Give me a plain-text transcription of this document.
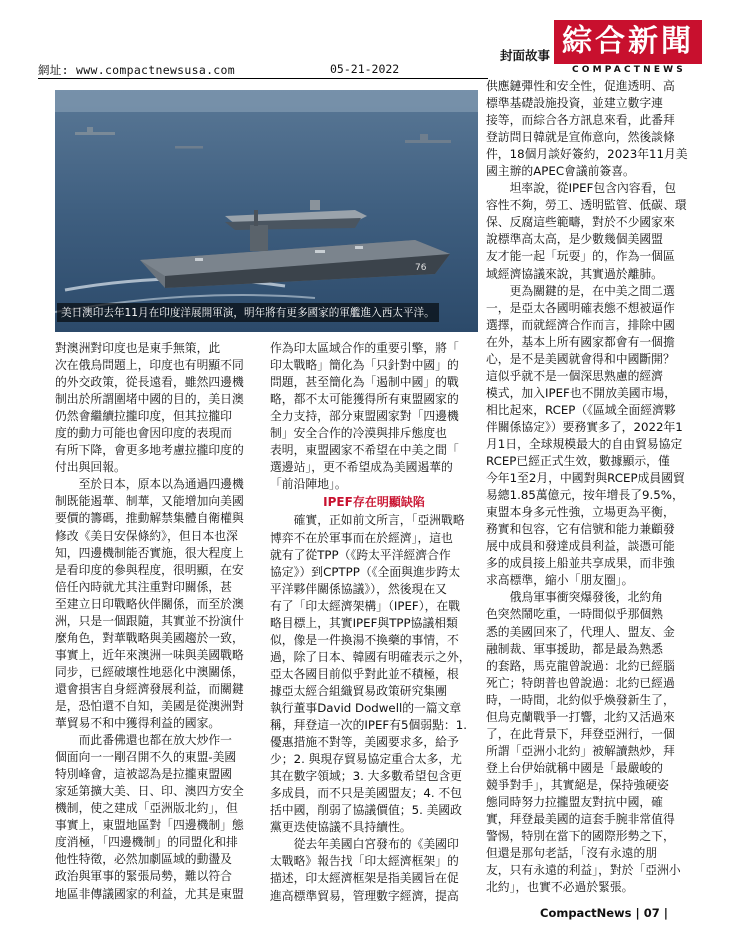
網址: www.compactnewsusa.com	05-21-2022
封面故事 綜合新聞
COMPACTNEWS
76
美日澳印去年11月在印度洋展開軍演，明年將有更多國家的軍艦進入西太平洋。

對澳洲對印度也是東手無策，此
次在俄烏問題上，印度也有明顯不同
的外交政策，從長遠看，雖然四邊機
制出於所謂圍堵中國的目的，美日澳
仍然會繼續拉攏印度，但其拉攏印
度的動力可能也會因印度的表現而
有所下降，會更多地考慮拉攏印度的
付出與回報。

至於日本，原本以為通過四邊機
制既能遏華、制華，又能增加向美國
要價的籌碼，推動解禁集體自衛權與
修改《美日安保條約》，但日本也深
知，四邊機制能否實施，很大程度上
是看印度的參與程度，很明顯，在安
倍任內時就尤其注重對印關係，甚
至建立日印戰略伙伴關係，而至於澳
洲，只是一個跟隨，其實並不扮演什
麼角色，對華戰略與美國趨於一致，
事實上，近年來澳洲一味與美國戰略
同步，已經破壞性地惡化中澳關係，
還會損害自身經濟發展利益，而關鍵
是，恐怕還不自知，美國是從澳洲對
華貿易不和中獲得利益的國家。

而此番佛還也都在放大炒作一
個面向一一剛召開不久的東盟-美國
特別峰會，這被認為是拉攏東盟國
家延第擴大美、日、印、澳四方安全
機制，使之建成「亞洲版北約」，但
事實上，東盟地區對「四邊機制」態
度消極，「四邊機制」的同盟化和排
他性特徵，必然加劇區域的動盪及
政治與軍事的緊張局勢，難以符合
地區非傳議國家的利益，尤其是東盟

作為印太區域合作的重要引擎，將「
印太戰略」簡化為「只針對中國」的
問題，甚至簡化為「遏制中國」的戰
略，都不太可能獲得所有東盟國家的
全力支持，部分東盟國家對「四邊機
制」安全合作的冷漠與排斥態度也
表明，東盟國家不希望在中美之間「
選邊站」，更不希望成為美國遏華的
「前沿陣地」。

IPEF存在明顯缺陷

確實，正如前文所言，「亞洲戰略
博弈不在於軍事而在於經濟」，這也
就有了從TPP（《跨太平洋經濟合作
協定》）到CPTPP（《全面與進步跨太
平洋夥伴關係協議》），然後現在又
有了「印太經濟架構」（IPEF），在戰
略目標上，其實IPEF與TPP協議相類
似，像是一件換湯不換藥的事情，不
過，除了日本、韓國有明確表示之外，
亞太各國目前似乎對此並不積極，根
據亞太經合組織貿易政策研究集團
執行董事David Dodwell的一篇文章
稱，拜登這一次的IPEF有5個弱點：1.
優惠措施不對等，美國要求多，給予
少；2. 與現存貿易協定重合太多，尤
其在數字領域；3. 大多數希望包含更
多成員，而不只是美國盟友；4. 不包
括中國，削弱了協議價值；5. 美國政
黨更迭使協議不具持續性。

從去年美國白宮發布的《美國印
太戰略》報告找「印太經濟框架」的
描述，印太經濟框架是指美國旨在促
進高標準貿易，管理數字經濟，提高

供應鏈彈性和安全性，促進透明、高
標準基礎設施投資，並建立數字連
接等，而綜合各方訊息來看，此番拜
登訪問日韓就是宣佈意向，然後談條
件，18個月談好簽約，2023年11月美
國主辦的APEC會議前簽喜。

坦率說，從IPEF包含內容看，包
容性不夠，勞工、透明監管、低碳、環
保、反腐這些範疇，對於不少國家來
說標準高太高，是少數幾個美國盟
友才能一起「玩耍」的，作為一個區
域經濟協議來說，其實過於離肺。

更為關鍵的是，在中美之間二選
一，是亞太各國明確表態不想被逼作
選擇，而就經濟合作而言，排除中國
在外，基本上所有國家都會有一個擔
心，是不是美國就會得和中國斷開？
這似乎就不是一個深思熟慮的經濟
模式，加入IPEF也不開放美國市場，
相比起來，RCEP（《區域全面經濟夥
伴關係協定》）要務實多了，2022年1
月1日，全球規模最大的自由貿易協定
RCEP已經正式生效，數據顯示，僅
今年1至2月，中國對與RCEP成員國貿
易總1.85萬億元，按年增長了9.5%，
東盟本身多元性強，立場更為平衡，
務實和包容，它有信號和能力兼顧發
展中成員和發達成員利益，談憑可能
多的成員接上船並共享成果，而非強
求高標準，縮小「朋友圈」。

俄烏軍事衝突爆發後，北約角
色突然鬧吃重，一時間似乎那個熟
悉的美國回來了，代理人、盟友、金
融制裁、軍事援助，都是最為熟悉
的套路，馬克龍曾說過：北約已經腦
死亡；特朗普也曾說過：北約已經過
時，一時間，北約似乎煥發新生了，
但烏克蘭戰爭一打響，北約又活過來
了，在此背景下，拜登亞洲行，一個
所謂「亞洲小北約」被解讀熱炒，拜
登上台伊始就稱中國是「最嚴峻的
競爭對手」，其實絕是，保持強硬姿
態同時努力拉攏盟友對抗中國，確
實，拜登最美國的這套手腕非常值得
警惕，特別在當下的國際形勢之下，
但還是那句老話，「沒有永遠的朋
友，只有永遠的利益」，對於「亞洲小
北約」，也實不必過於緊張。

CompactNews | 07 |
